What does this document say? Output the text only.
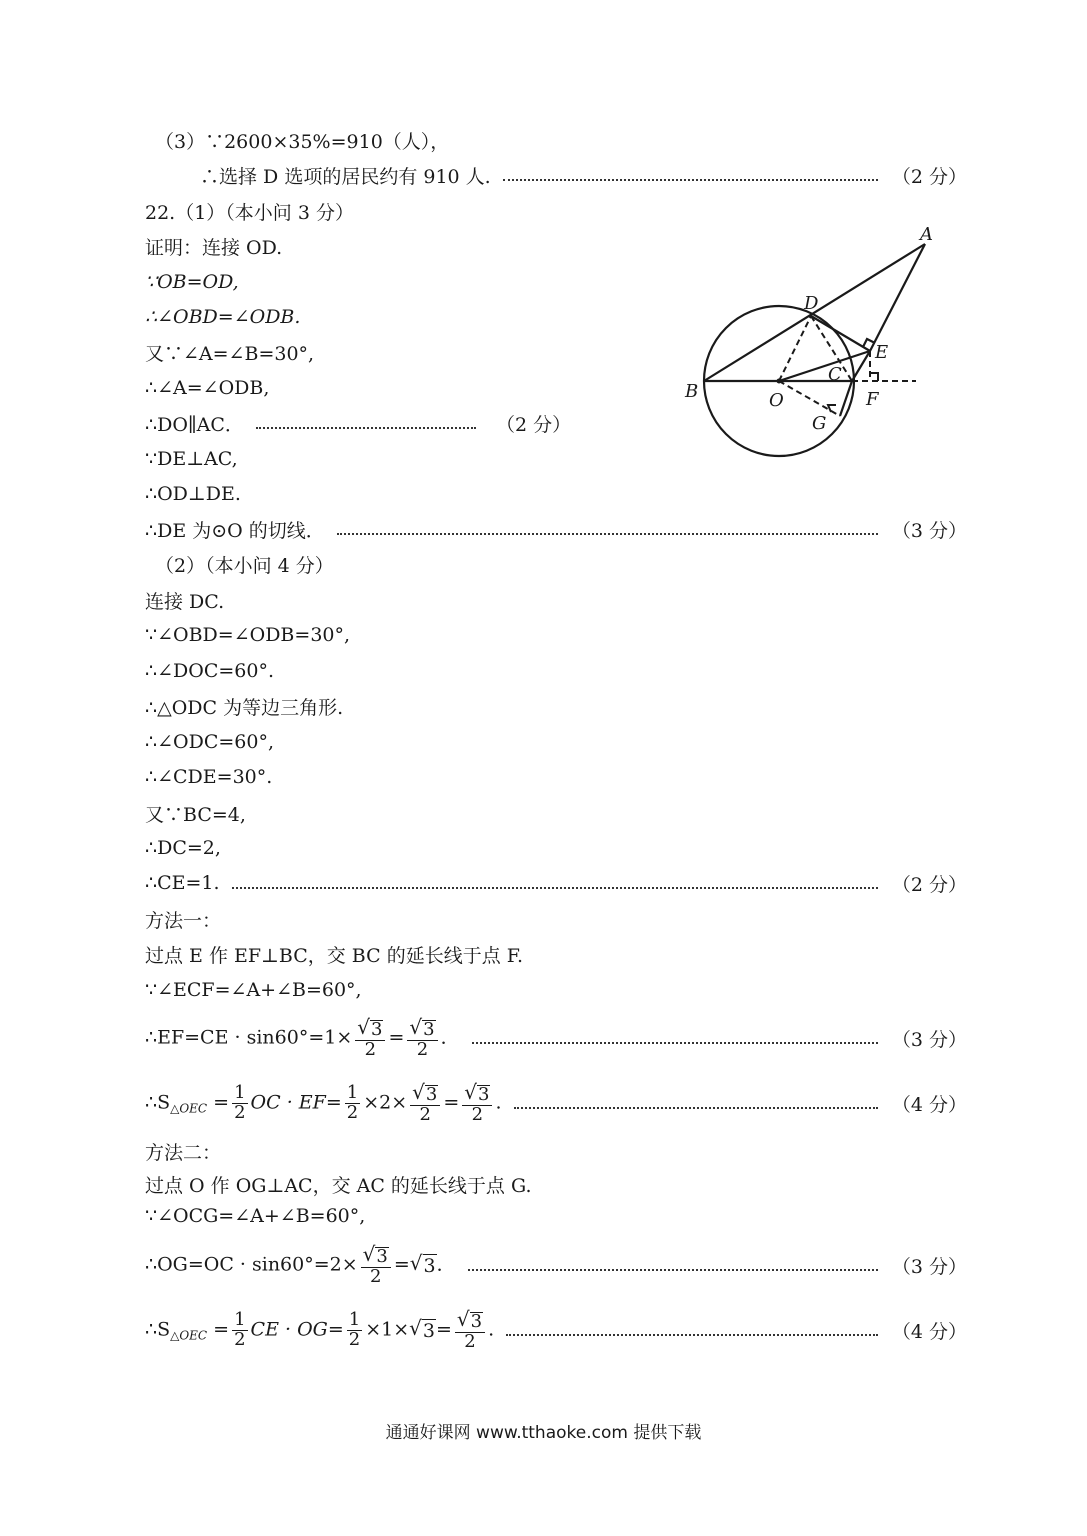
（3）∵2600×35%=910（人），
∴选择 D 选项的居民约有 910 人.	（2 分）
22.（1）（本小问 3 分）
证明：连接 OD.
∵OB=OD,
∴∠OBD=∠ODB.
又∵∠A=∠B=30°,
∴∠A=∠ODB,
∴DO∥AC．	（2 分）
∵DE⊥AC,
∴OD⊥DE.
∴DE 为⊙O 的切线．	（3 分）
（2）（本小问 4 分）
连接 DC.
∵∠OBD=∠ODB=30°,
∴∠DOC=60°.
∴△ODC 为等边三角形.
∴∠ODC=60°,
∴∠CDE=30°.
又∵BC=4,
∴DC=2,
∴CE=1.	（2 分）
方法一：
过点 E 作 EF⊥BC，交 BC 的延长线于点 F.
∵∠ECF=∠A+∠B=60°,
∴EF=CE · $\sin 60^\circ=1\times \frac{√ 3}{2} = \frac{√ 3}{2}$ ．	（3 分）
$\therefore S_{\triangle OEC} = \frac{1}{2}$ OC · $EF= \frac{1}{2} \times 2\times \frac{√ 3}{2} = \frac{√ 3}{2}$ .	（4 分）
方法二：
过点 O 作 OG⊥AC，交 AC 的延长线于点 G.
∵∠OCG=∠A+∠B=60°,
∴OG=OC · $\sin 60^\circ=2\times \frac{√ 3}{2}$ = √ 3 ．	（3 分）
$\therefore S_{\triangle OEC} = \frac{1}{2}$ CE · $OG= \frac{1}{2} \times 1\times$ √ $3 = \frac{√ 3}{2}$ .	（4 分）
A
B
C
D
E
F
G
O
通通好课网 www.tthaoke.com 提供下载
